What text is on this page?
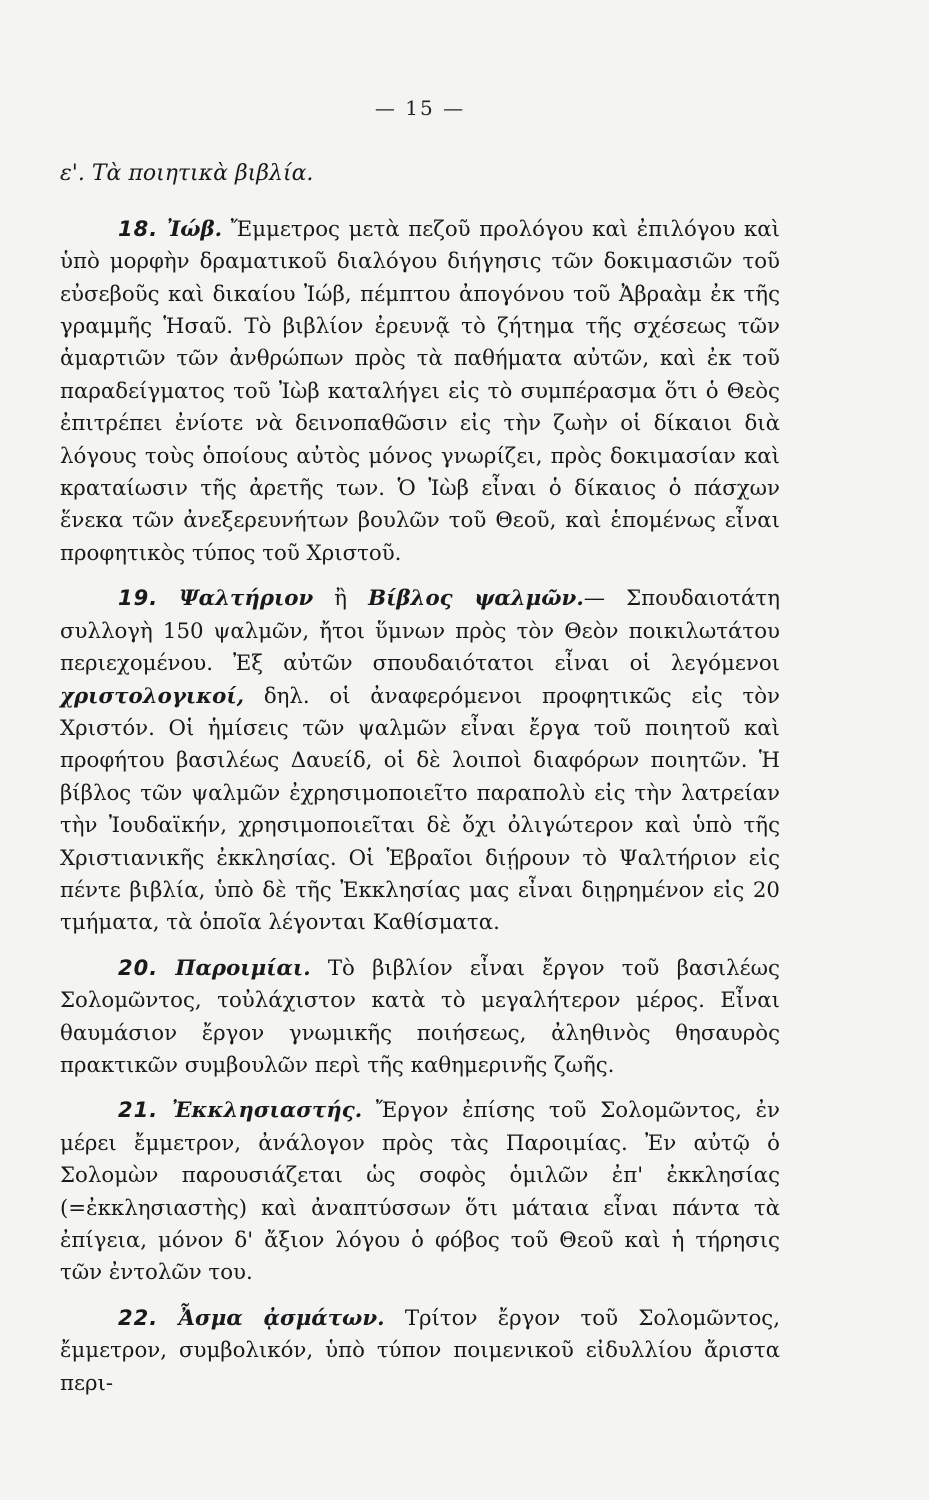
— 15 —
ε'. Τὰ ποιητικὰ βιβλία.

18. Ἰώβ. Ἔμμετρος μετὰ πεζοῦ προλόγου καὶ ἐπιλόγου καὶ ὑπὸ μορφὴν δραματικοῦ διαλόγου διήγησις τῶν δοκιμασιῶν τοῦ εὐσεβοῦς καὶ δικαίου Ἰώβ, πέμπτου ἀπογόνου τοῦ Ἀβραὰμ ἐκ τῆς γραμμῆς Ἡσαῦ. Τὸ βιβλίον ἐρευνᾷ τὸ ζήτημα τῆς σχέσεως τῶν ἁμαρτιῶν τῶν ἀνθρώπων πρὸς τὰ παθήματα αὐτῶν, καὶ ἐκ τοῦ παραδείγματος τοῦ Ἰὼβ καταλήγει εἰς τὸ συμπέρασμα ὅτι ὁ Θεὸς ἐπιτρέπει ἐνίοτε νὰ δεινοπαθῶσιν εἰς τὴν ζωὴν οἱ δίκαιοι διὰ λόγους τοὺς ὁποίους αὐτὸς μόνος γνωρίζει, πρὸς δοκιμασίαν καὶ κραταίωσιν τῆς ἀρετῆς των. Ὁ Ἰὼβ εἶναι ὁ δίκαιος ὁ πάσχων ἕνεκα τῶν ἀνεξερευνήτων βουλῶν τοῦ Θεοῦ, καὶ ἑπομένως εἶναι προφητικὸς τύπος τοῦ Χριστοῦ.

19. Ψαλτήριον ἢ Βίβλος ψαλμῶν.— Σπουδαιοτάτη συλλογὴ 150 ψαλμῶν, ἤτοι ὕμνων πρὸς τὸν Θεὸν ποικιλωτάτου περιεχομένου. Ἐξ αὐτῶν σπουδαιότατοι εἶναι οἱ λεγόμενοι χριστολογικοί, δηλ. οἱ ἀναφερόμενοι προφητικῶς εἰς τὸν Χριστόν. Οἱ ἡμίσεις τῶν ψαλμῶν εἶναι ἔργα τοῦ ποιητοῦ καὶ προφήτου βασιλέως Δαυείδ, οἱ δὲ λοιποὶ διαφόρων ποιητῶν. Ἡ βίβλος τῶν ψαλμῶν ἐχρησιμοποιεῖτο παραπολὺ εἰς τὴν λατρείαν τὴν Ἰουδαϊκήν, χρησιμοποιεῖται δὲ ὄχι ὀλιγώτερον καὶ ὑπὸ τῆς Χριστιανικῆς ἐκκλησίας. Οἱ Ἑβραῖοι διῄρουν τὸ Ψαλτήριον εἰς πέντε βιβλία, ὑπὸ δὲ τῆς Ἐκκλησίας μας εἶναι διῃρημένον εἰς 20 τμήματα, τὰ ὁποῖα λέγονται Καθίσματα.

20. Παροιμίαι. Τὸ βιβλίον εἶναι ἔργον τοῦ βασιλέως Σολομῶντος, τοὐλάχιστον κατὰ τὸ μεγαλήτερον μέρος. Εἶναι θαυμάσιον ἔργον γνωμικῆς ποιήσεως, ἀληθινὸς θησαυρὸς πρακτικῶν συμβουλῶν περὶ τῆς καθημερινῆς ζωῆς.

21. Ἐκκλησιαστής. Ἔργον ἐπίσης τοῦ Σολομῶντος, ἐν μέρει ἔμμετρον, ἀνάλογον πρὸς τὰς Παροιμίας. Ἐν αὐτῷ ὁ Σολομὼν παρουσιάζεται ὡς σοφὸς ὁμιλῶν ἐπ' ἐκκλησίας (=ἐκκλησιαστὴς) καὶ ἀναπτύσσων ὅτι μάταια εἶναι πάντα τὰ ἐπίγεια, μόνον δ' ἄξιον λόγου ὁ φόβος τοῦ Θεοῦ καὶ ἡ τήρησις τῶν ἐντολῶν του.

22. Ἆσμα ᾀσμάτων. Τρίτον ἔργον τοῦ Σολομῶντος, ἔμμετρον, συμβολικόν, ὑπὸ τύπον ποιμενικοῦ εἰδυλλίου ἄριστα περι-
